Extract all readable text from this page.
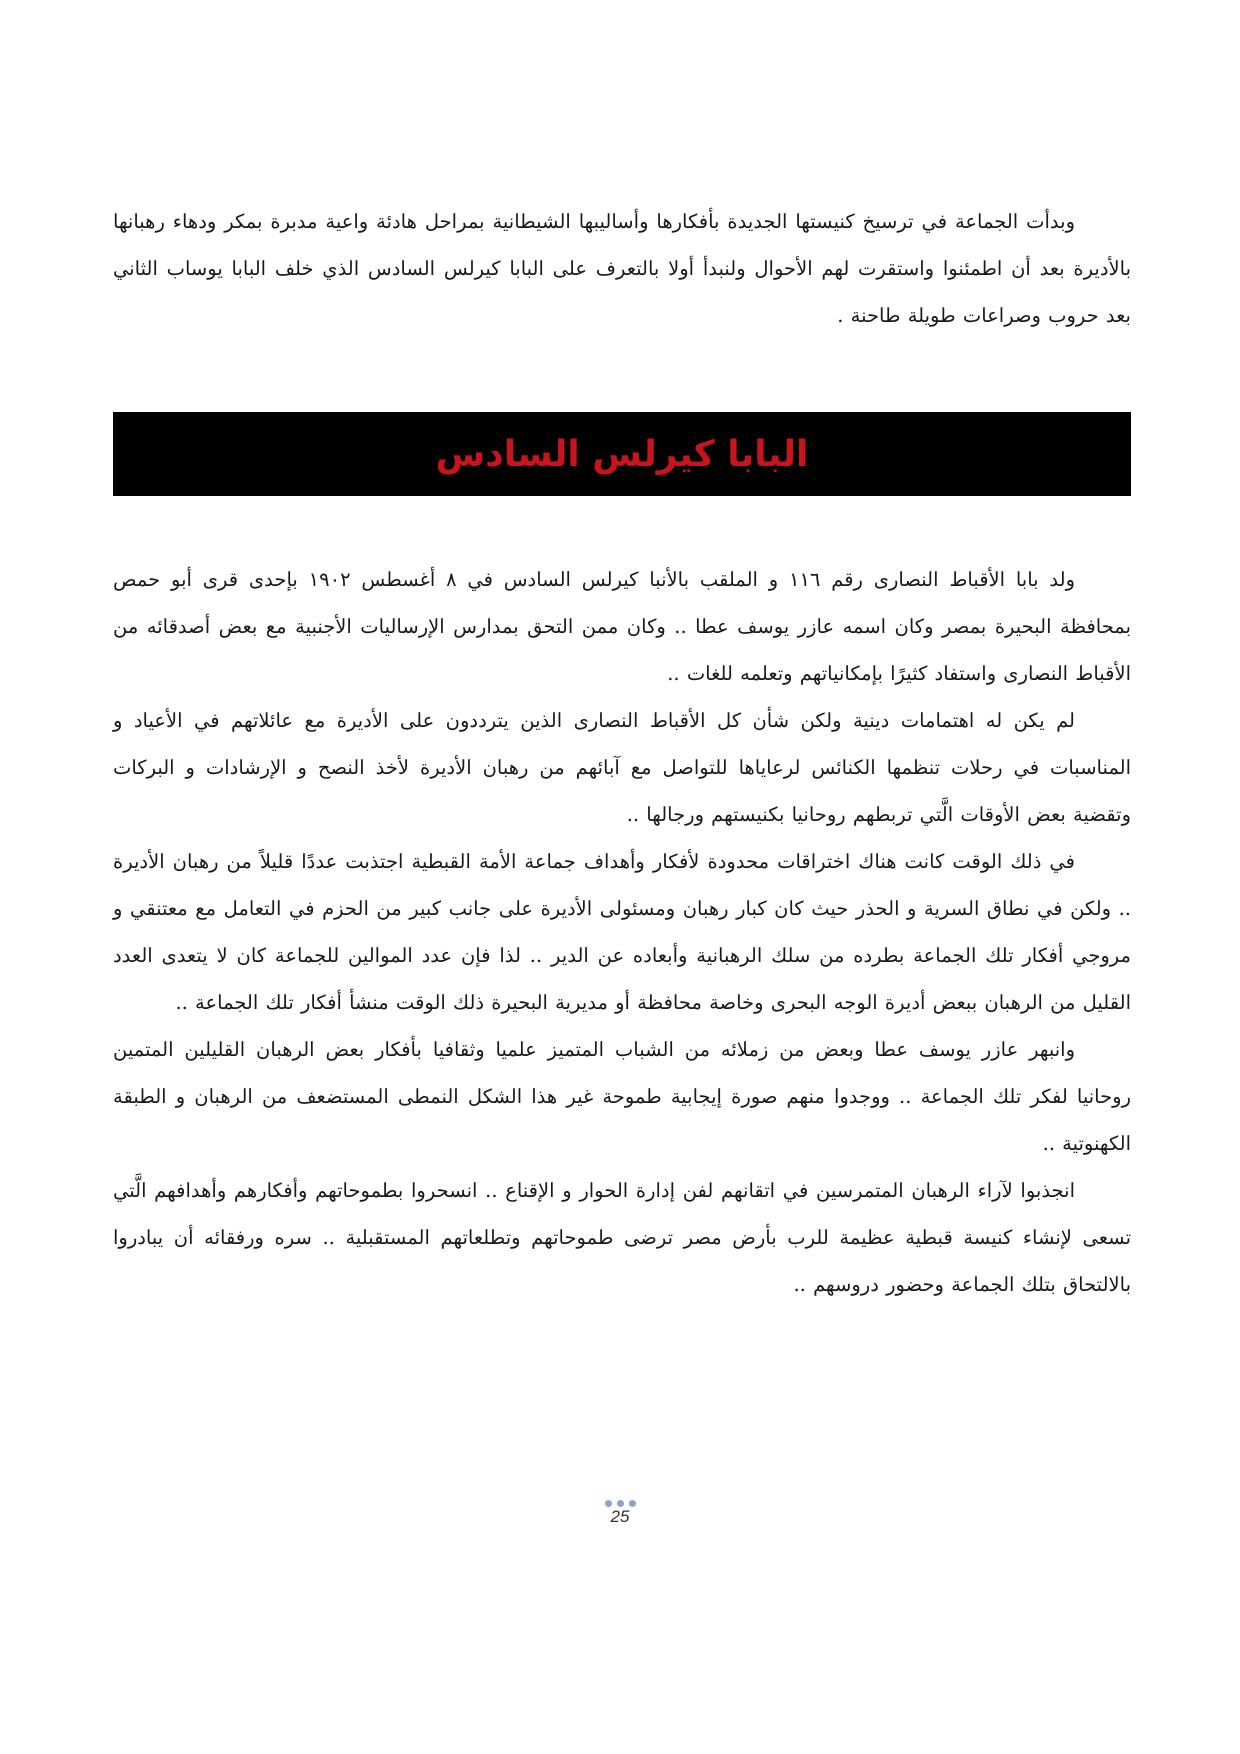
وبدأت الجماعة في ترسيخ كنيستها الجديدة بأفكارها وأساليبها الشيطانية بمراحل هادئة واعية مدبرة بمكر ودهاء رهبانها بالأديرة بعد أن اطمئنوا واستقرت لهم الأحوال ولنبدأ أولا بالتعرف على البابا كيرلس السادس الذي خلف البابا يوساب الثاني بعد حروب وصراعات طويلة طاحنة .

البابا كيرلس السادس

ولد بابا الأقباط النصارى رقم ١١٦ و الملقب بالأنبا كيرلس السادس في ٨ أغسطس ١٩٠٢ بإحدى قرى أبو حمص بمحافظة البحيرة بمصر وكان اسمه عازر يوسف عطا .. وكان ممن التحق بمدارس الإرساليات الأجنبية مع بعض أصدقائه من الأقباط النصارى واستفاد كثيرًا بإمكانياتهم وتعلمه للغات ..

لم يكن له اهتمامات دينية ولكن شأن كل الأقباط النصارى الذين يترددون على الأديرة مع عائلاتهم في الأعياد و المناسبات في رحلات تنظمها الكنائس لرعاياها للتواصل مع آبائهم من رهبان الأديرة لأخذ النصح و الإرشادات و البركات وتقضية بعض الأوقات الَّتي تربطهم روحانيا بكنيستهم ورجالها ..

في ذلك الوقت كانت هناك اختراقات محدودة لأفكار وأهداف جماعة الأمة القبطية اجتذبت عددًا قليلاً من رهبان الأديرة .. ولكن في نطاق السرية و الحذر حيث كان كبار رهبان ومسئولى الأديرة على جانب كبير من الحزم في التعامل مع معتنقي و مروجي أفكار تلك الجماعة بطرده من سلك الرهبانية وأبعاده عن الدير .. لذا فإن عدد الموالين للجماعة كان لا يتعدى العدد القليل من الرهبان ببعض أديرة الوجه البحرى وخاصة محافظة أو مديرية البحيرة ذلك الوقت منشأ أفكار تلك الجماعة ..

وانبهر عازر يوسف عطا وبعض من زملائه من الشباب المتميز علميا وثقافيا بأفكار بعض الرهبان القليلين المتمين روحانيا لفكر تلك الجماعة .. ووجدوا منهم صورة إيجابية طموحة غير هذا الشكل النمطى المستضعف من الرهبان و الطبقة الكهنوتية ..

انجذبوا لآراء الرهبان المتمرسين في اتقانهم لفن إدارة الحوار و الإقناع .. انسحروا بطموحاتهم وأفكارهم وأهدافهم الَّتي تسعى لإنشاء كنيسة قبطية عظيمة للرب بأرض مصر ترضى طموحاتهم وتطلعاتهم المستقبلية .. سره ورفقائه أن يبادروا بالالتحاق بتلك الجماعة وحضور دروسهم ..

25
